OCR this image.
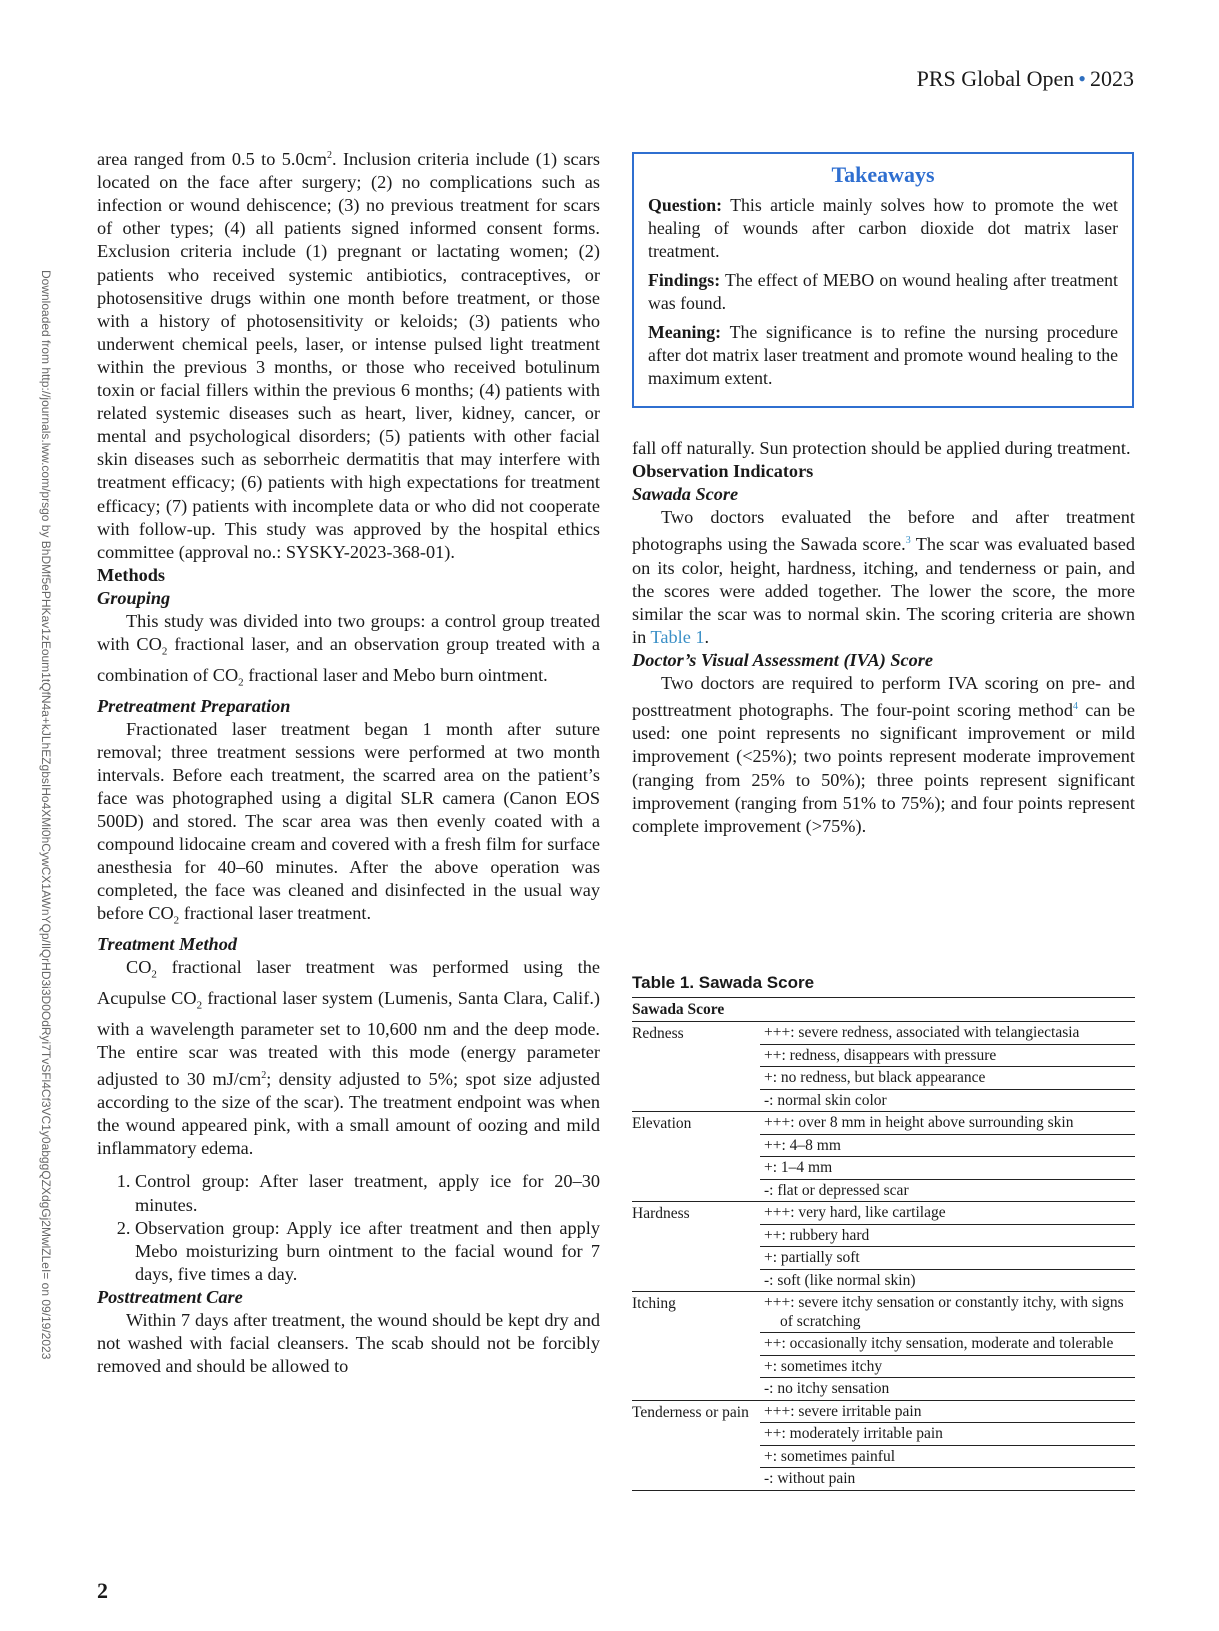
PRS Global Open • 2023
Downloaded from http://journals.lww.com/prsgo by BhDMf5ePHKav1zEoum1tQfN4a+kJLhEZgbsIHo4XMi0hCywCX1AWnYQp/IlQrHD3i3D0OdRyi7TvSFl4Cf3VC1y0abggQZXdgGj2MwlZLeI= on 09/19/2023

area ranged from 0.5 to $5.0cm^2$. Inclusion criteria include (1) scars located on the face after surgery; (2) no complications such as infection or wound dehiscence; (3) no previous treatment for scars of other types; (4) all patients signed informed consent forms. Exclusion criteria include (1) pregnant or lactating women; (2) patients who received systemic antibiotics, contraceptives, or photosensitive drugs within one month before treatment, or those with a history of photosensitivity or keloids; (3) patients who underwent chemical peels, laser, or intense pulsed light treatment within the previous 3 months, or those who received botulinum toxin or facial fillers within the previous 6 months; (4) patients with related systemic diseases such as heart, liver, kidney, cancer, or mental and psychological disorders; (5) patients with other facial skin diseases such as seborrheic dermatitis that may interfere with treatment efficacy; (6) patients with high expectations for treatment efficacy; (7) patients with incomplete data or who did not cooperate with follow-up. This study was approved by the hospital ethics committee (approval no.: SYSKY-2023-368-01).

Methods

Grouping

This study was divided into two groups: a control group treated with $CO_2$ fractional laser, and an observation group treated with a combination of $CO_2$ fractional laser and Mebo burn ointment.

Pretreatment Preparation

Fractionated laser treatment began 1 month after suture removal; three treatment sessions were performed at two month intervals. Before each treatment, the scarred area on the patient’s face was photographed using a digital SLR camera (Canon EOS 500D) and stored. The scar area was then evenly coated with a compound lidocaine cream and covered with a fresh film for surface anesthesia for 40–60 minutes. After the above operation was completed, the face was cleaned and disinfected in the usual way before $CO_2$ fractional laser treatment.

Treatment Method

$CO_2$ fractional laser treatment was performed using the Acupulse $CO_2$ fractional laser system (Lumenis, Santa Clara, Calif.) with a wavelength parameter set to 10,600 nm and the deep mode. The entire scar was treated with this mode (energy parameter adjusted to 30 $mJ/cm^2$; density adjusted to 5%; spot size adjusted according to the size of the scar). The treatment endpoint was when the wound appeared pink, with a small amount of oozing and mild inflammatory edema.

1. Control group: After laser treatment, apply ice for 20–30 minutes.
2. Observation group: Apply ice after treatment and then apply Mebo moisturizing burn ointment to the facial wound for 7 days, five times a day.

Posttreatment Care

Within 7 days after treatment, the wound should be kept dry and not washed with facial cleansers. The scab should not be forcibly removed and should be allowed to

Takeaways

Question: This article mainly solves how to promote the wet healing of wounds after carbon dioxide dot matrix laser treatment.

Findings: The effect of MEBO on wound healing after treatment was found.

Meaning: The significance is to refine the nursing procedure after dot matrix laser treatment and promote wound healing to the maximum extent.

fall off naturally. Sun protection should be applied during treatment.

Observation Indicators

Sawada Score

Two doctors evaluated the before and after treatment photographs using the Sawada score.$^3$ The scar was evaluated based on its color, height, hardness, itching, and tenderness or pain, and the scores were added together. The lower the score, the more similar the scar was to normal skin. The scoring criteria are shown in Table 1.

Doctor’s Visual Assessment (IVA) Score

Two doctors are required to perform IVA scoring on pre- and posttreatment photographs. The four-point scoring method$^4$ can be used: one point represents no significant improvement or mild improvement (<25%); two points represent moderate improvement (ranging from 25% to 50%); three points represent significant improvement (ranging from 51% to 75%); and four points represent complete improvement (>75%).

Table 1. Sawada Score
Sawada Score
Redness	+++: severe redness, associated with telangiectasia
++: redness, disappears with pressure
+: no redness, but black appearance
-: normal skin color
Elevation	+++: over 8 mm in height above surrounding skin
++: 4–8 mm
+: 1–4 mm
-: flat or depressed scar
Hardness	+++: very hard, like cartilage
++: rubbery hard
+: partially soft
-: soft (like normal skin)
Itching	+++: severe itchy sensation or constantly itchy, with signs of scratching
++: occasionally itchy sensation, moderate and tolerable
+: sometimes itchy
-: no itchy sensation
Tenderness or pain +++: severe irritable pain
++: moderately irritable pain
+: sometimes painful
-: without pain
2
